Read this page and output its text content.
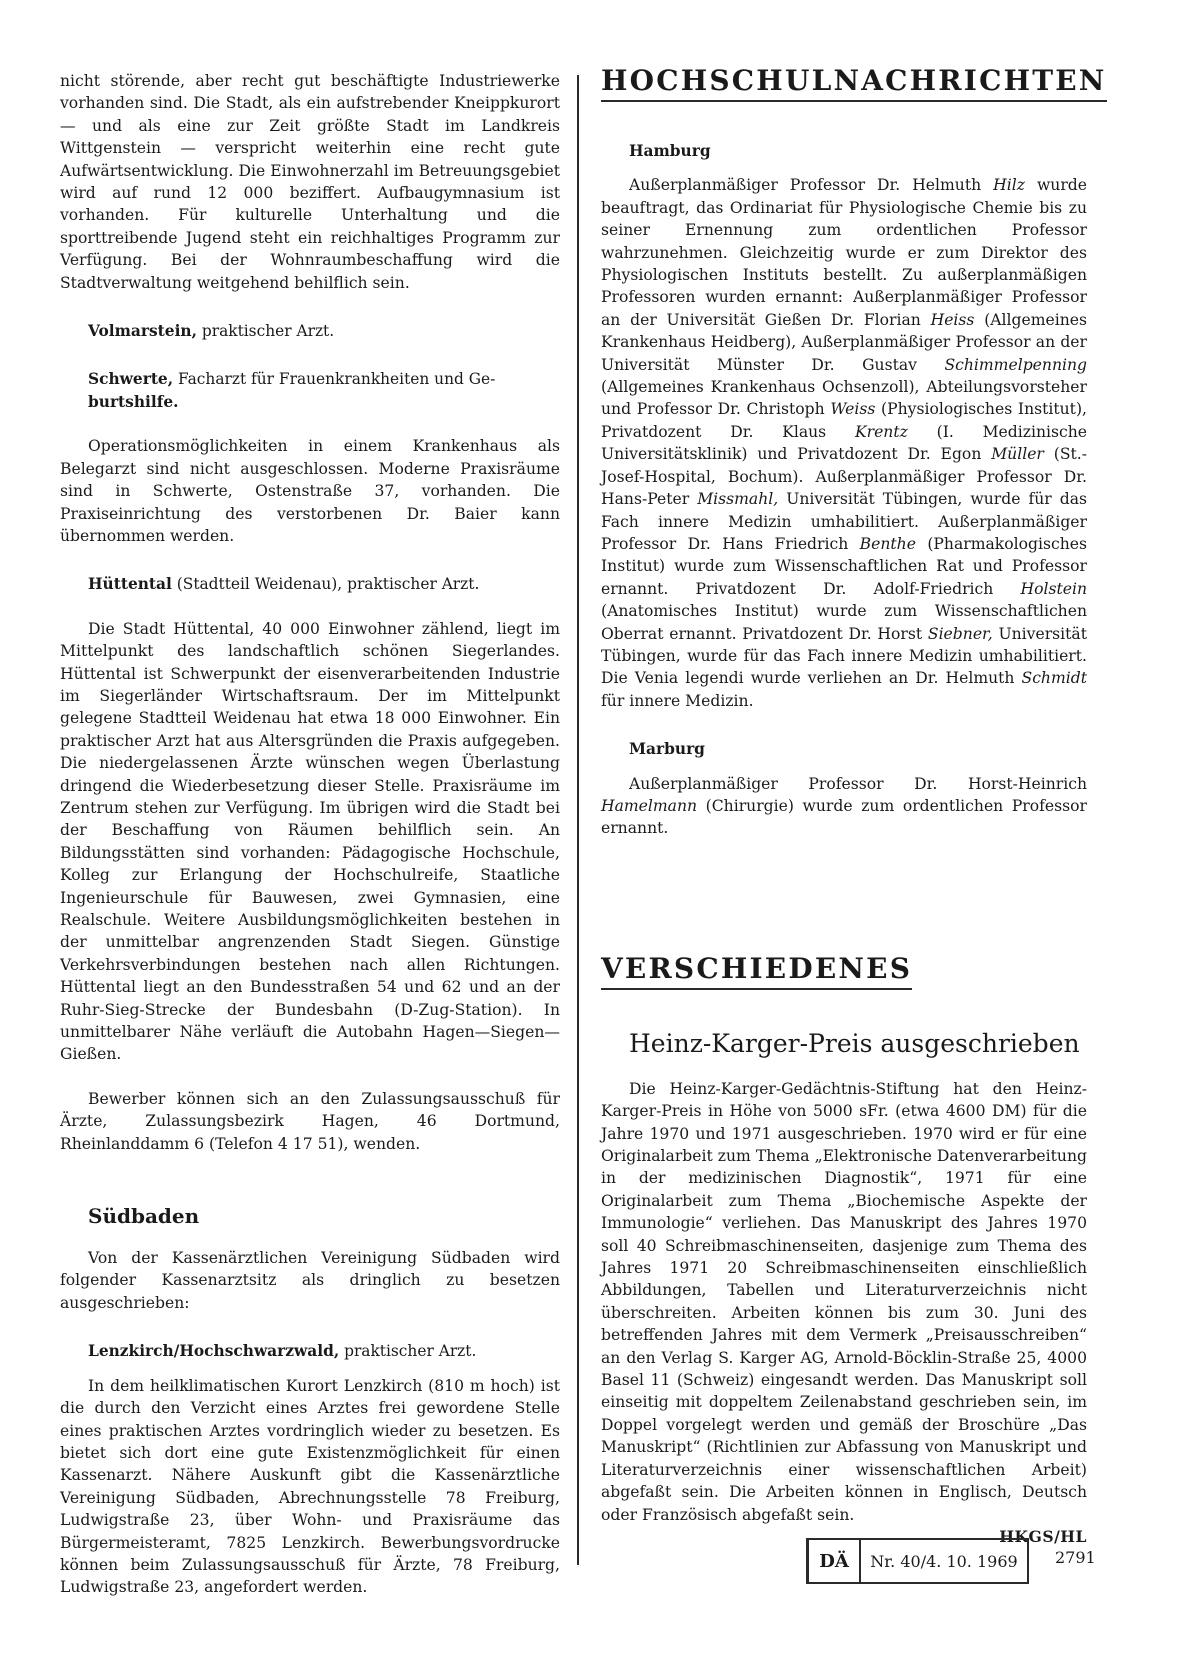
nicht störende, aber recht gut beschäftigte Industriewerke vorhanden sind. Die Stadt, als ein aufstrebender Kneippkurort — und als eine zur Zeit größte Stadt im Landkreis Wittgenstein — verspricht weiterhin eine recht gute Aufwärtsentwicklung. Die Einwohnerzahl im Betreuungsgebiet wird auf rund 12 000 beziffert. Aufbaugymnasium ist vorhanden. Für kulturelle Unterhaltung und die sporttreibende Jugend steht ein reichhaltiges Programm zur Verfügung. Bei der Wohnraumbeschaffung wird die Stadtverwaltung weitgehend behilflich sein.

Volmarstein, praktischer Arzt.
Schwerte, Facharzt für Frauenkrankheiten und Ge-
burtshilfe.

Operationsmöglichkeiten in einem Krankenhaus als Belegarzt sind nicht ausgeschlossen. Moderne Praxisräume sind in Schwerte, Ostenstraße 37, vorhanden. Die Praxiseinrichtung des verstorbenen Dr. Baier kann übernommen werden.

Hüttental (Stadtteil Weidenau), praktischer Arzt.

Die Stadt Hüttental, 40 000 Einwohner zählend, liegt im Mittelpunkt des landschaftlich schönen Siegerlandes. Hüttental ist Schwerpunkt der eisenverarbeitenden Industrie im Siegerländer Wirtschaftsraum. Der im Mittelpunkt gelegene Stadtteil Weidenau hat etwa 18 000 Einwohner. Ein praktischer Arzt hat aus Altersgründen die Praxis aufgegeben. Die niedergelassenen Ärzte wünschen wegen Überlastung dringend die Wiederbesetzung dieser Stelle. Praxisräume im Zentrum stehen zur Verfügung. Im übrigen wird die Stadt bei der Beschaffung von Räumen behilflich sein. An Bildungsstätten sind vorhanden: Pädagogische Hochschule, Kolleg zur Erlangung der Hochschulreife, Staatliche Ingenieurschule für Bauwesen, zwei Gymnasien, eine Realschule. Weitere Ausbildungsmöglichkeiten bestehen in der unmittelbar angrenzenden Stadt Siegen. Günstige Verkehrsverbindungen bestehen nach allen Richtungen. Hüttental liegt an den Bundesstraßen 54 und 62 und an der Ruhr-Sieg-Strecke der Bundesbahn (D-Zug-Station). In unmittelbarer Nähe verläuft die Autobahn Hagen—Siegen—Gießen.

Bewerber können sich an den Zulassungsausschuß für Ärzte, Zulassungsbezirk Hagen, 46 Dortmund, Rheinlanddamm 6 (Telefon 4 17 51), wenden.

Südbaden

Von der Kassenärztlichen Vereinigung Südbaden wird folgender Kassenarztsitz als dringlich zu besetzen ausgeschrieben:

Lenzkirch/Hochschwarzwald, praktischer Arzt.

In dem heilklimatischen Kurort Lenzkirch (810 m hoch) ist die durch den Verzicht eines Arztes frei gewordene Stelle eines praktischen Arztes vordringlich wieder zu besetzen. Es bietet sich dort eine gute Existenzmöglichkeit für einen Kassenarzt. Nähere Auskunft gibt die Kassenärztliche Vereinigung Südbaden, Abrechnungsstelle 78 Freiburg, Ludwigstraße 23, über Wohn- und Praxisräume das Bürgermeisteramt, 7825 Lenzkirch. Bewerbungsvordrucke können beim Zulassungsausschuß für Ärzte, 78 Freiburg, Ludwigstraße 23, angefordert werden.

HOCHSCHULNACHRICHTEN
Hamburg

Außerplanmäßiger Professor Dr. Helmuth Hilz wurde beauftragt, das Ordinariat für Physiologische Chemie bis zu seiner Ernennung zum ordentlichen Professor wahrzunehmen. Gleichzeitig wurde er zum Direktor des Physiologischen Instituts bestellt. Zu außerplanmäßigen Professoren wurden ernannt: Außerplanmäßiger Professor an der Universität Gießen Dr. Florian Heiss (Allgemeines Krankenhaus Heidberg), Außerplanmäßiger Professor an der Universität Münster Dr. Gustav Schimmelpenning (Allgemeines Krankenhaus Ochsenzoll), Abteilungsvorsteher und Professor Dr. Christoph Weiss (Physiologisches Institut), Privatdozent Dr. Klaus Krentz (I. Medizinische Universitätsklinik) und Privatdozent Dr. Egon Müller (St.-Josef-Hospital, Bochum). Außerplanmäßiger Professor Dr. Hans-Peter Missmahl, Universität Tübingen, wurde für das Fach innere Medizin umhabilitiert. Außerplanmäßiger Professor Dr. Hans Friedrich Benthe (Pharmakologisches Institut) wurde zum Wissenschaftlichen Rat und Professor ernannt. Privatdozent Dr. Adolf-Friedrich Holstein (Anatomisches Institut) wurde zum Wissenschaftlichen Oberrat ernannt. Privatdozent Dr. Horst Siebner, Universität Tübingen, wurde für das Fach innere Medizin umhabilitiert. Die Venia legendi wurde verliehen an Dr. Helmuth Schmidt für innere Medizin.

Marburg

Außerplanmäßiger Professor Dr. Horst-Heinrich Hamelmann (Chirurgie) wurde zum ordentlichen Professor ernannt.

VERSCHIEDENES
Heinz-Karger-Preis ausgeschrieben

Die Heinz-Karger-Gedächtnis-Stiftung hat den Heinz-Karger-Preis in Höhe von 5000 sFr. (etwa 4600 DM) für die Jahre 1970 und 1971 ausgeschrieben. 1970 wird er für eine Originalarbeit zum Thema „Elektronische Datenverarbeitung in der medizinischen Diagnostik“, 1971 für eine Originalarbeit zum Thema „Biochemische Aspekte der Immunologie“ verliehen. Das Manuskript des Jahres 1970 soll 40 Schreibmaschinenseiten, dasjenige zum Thema des Jahres 1971 20 Schreibmaschinenseiten einschließlich Abbildungen, Tabellen und Literaturverzeichnis nicht überschreiten. Arbeiten können bis zum 30. Juni des betreffenden Jahres mit dem Vermerk „Preisausschreiben“ an den Verlag S. Karger AG, Arnold-Böcklin-Straße 25, 4000 Basel 11 (Schweiz) eingesandt werden. Das Manuskript soll einseitig mit doppeltem Zeilenabstand geschrieben sein, im Doppel vorgelegt werden und gemäß der Broschüre „Das Manuskript“ (Richtlinien zur Abfassung von Manuskript und Literaturverzeichnis einer wissenschaftlichen Arbeit) abgefaßt sein. Die Arbeiten können in Englisch, Deutsch oder Französisch abgefaßt sein.

HKGS/HL
DÄ	Nr. 40/4. 10. 1969	2791
